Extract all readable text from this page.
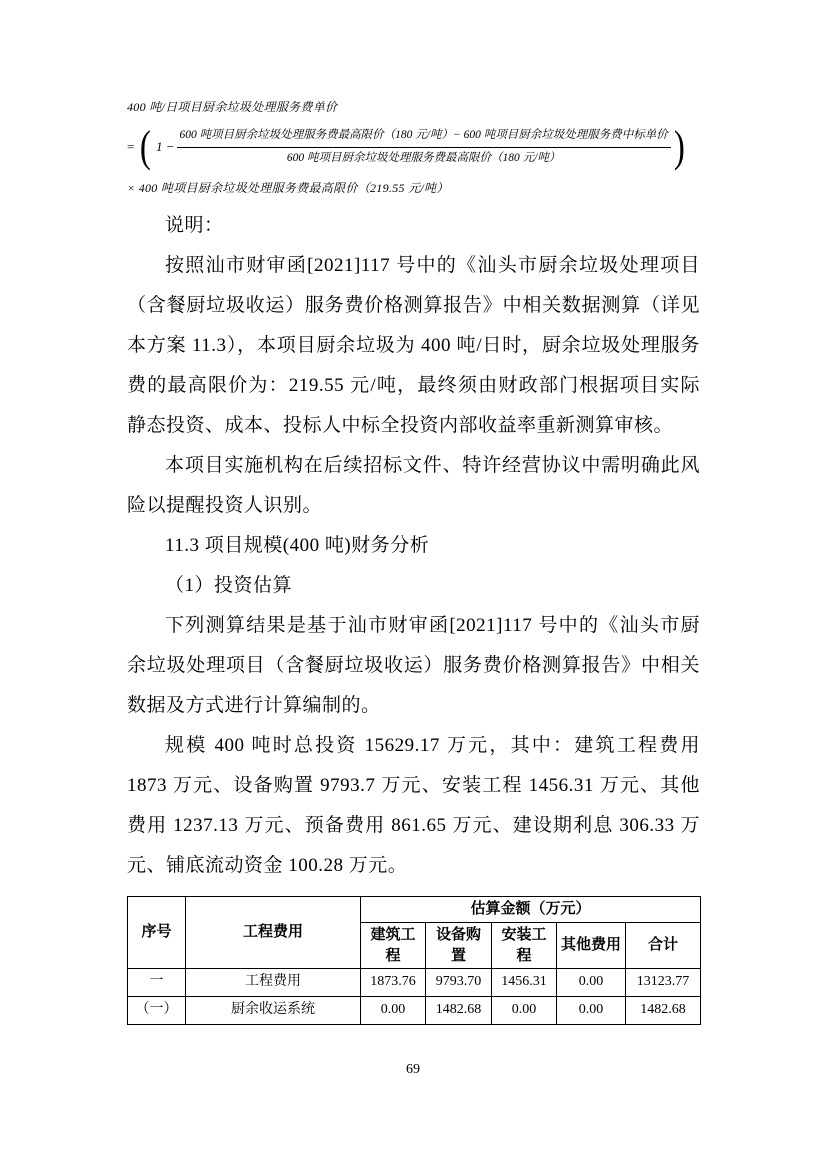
400 吨/日项目厨余垃圾处理服务费单价
= ( $1 - \frac{\text{600 吨项目厨余垃圾处理服务费最高限价（180 元/吨）− 600 吨项目厨余垃圾处理服务费中标单价}}{\text{600 吨项目厨余垃圾处理服务费最高限价（180 元/吨）}}$ )
× 400 吨项目厨余垃圾处理服务费最高限价（219.55 元/吨）

说明：

按照汕市财审函[2021]117 号中的《汕头市厨余垃圾处理项目（含餐厨垃圾收运）服务费价格测算报告》中相关数据测算（详见本方案 11.3），本项目厨余垃圾为 400 吨/日时，厨余垃圾处理服务费的最高限价为：219.55 元/吨，最终须由财政部门根据项目实际静态投资、成本、投标人中标全投资内部收益率重新测算审核。

本项目实施机构在后续招标文件、特许经营协议中需明确此风险以提醒投资人识别。

11.3 项目规模(400 吨)财务分析

（1）投资估算

下列测算结果是基于汕市财审函[2021]117 号中的《汕头市厨余垃圾处理项目（含餐厨垃圾收运）服务费价格测算报告》中相关数据及方式进行计算编制的。

规模 400 吨时总投资 15629.17 万元，其中：建筑工程费用 1873 万元、设备购置 9793.7 万元、安装工程 1456.31 万元、其他费用 1237.13 万元、预备费用 861.65 万元、建设期利息 306.33 万元、铺底流动资金 100.28 万元。

序号	工程费用	估算金额（万元）				
		建筑工程	设备购置	安装工程	其他费用	合计
一	工程费用	1873.76	9793.70	1456.31	0.00	13123.77
（一）	厨余收运系统	0.00	1482.68	0.00	0.00	1482.68
69
